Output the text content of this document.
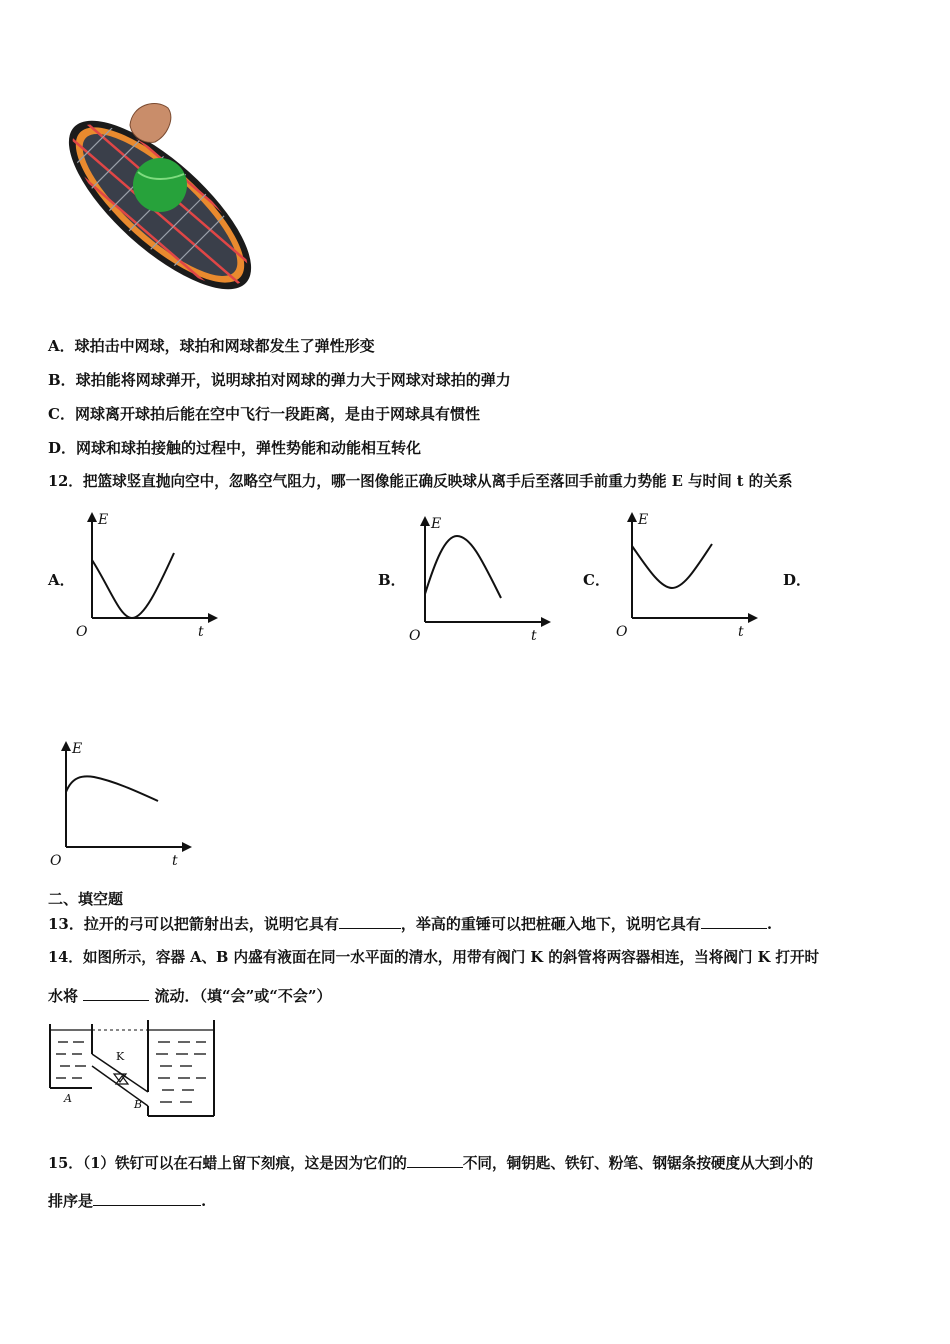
A．球拍击中网球，球拍和网球都发生了弹性形变
B．球拍能将网球弹开，说明球拍对网球的弹力大于网球对球拍的弹力
C．网球离开球拍后能在空中飞行一段距离，是由于网球具有惯性
D．网球和球拍接触的过程中，弹性势能和动能相互转化
12．把篮球竖直抛向空中，忽略空气阻力，哪一图像能正确反映球从离手后至落回手前重力势能 E 与时间 t 的关系
A．	B．	C．	D．
E
O	t
E
O	t
E
O	t
E
O	t
二、填空题
13．拉开的弓可以把箭射出去，说明它具有	，举高的重锤可以把桩砸入地下，说明它具有	.
14．如图所示，容器 A、B 内盛有液面在同一水平面的清水，用带有阀门 K 的斜管将两容器相连，当将阀门 K 打开时
水将	流动．（填“会”或“不会”）
K
A	B
15．（1）铁钉可以在石蜡上留下刻痕，这是因为它们的	不同，铜钥匙、铁钉、粉笔、钢锯条按硬度从大到小的
排序是	.
